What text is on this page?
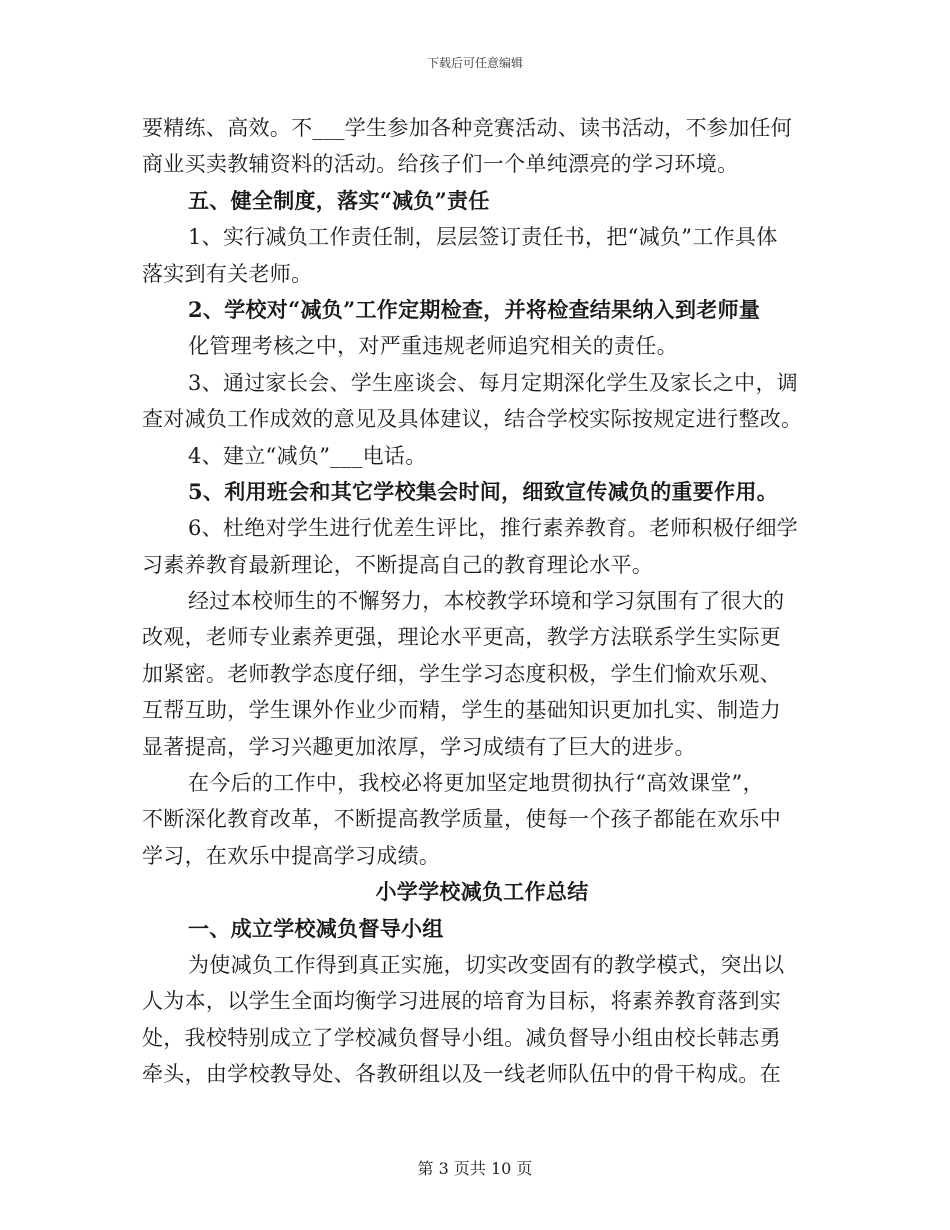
下载后可任意编辑
要精练、高效。不___学生参加各种竞赛活动、读书活动，不参加任何
商业买卖教辅资料的活动。给孩子们一个单纯漂亮的学习环境。
五、健全制度，落实“减负”责任
1、实行减负工作责任制，层层签订责任书，把“减负”工作具体
落实到有关老师。
2、学校对“减负”工作定期检查，并将检查结果纳入到老师量
化管理考核之中，对严重违规老师追究相关的责任。
3、通过家长会、学生座谈会、每月定期深化学生及家长之中，调
查对减负工作成效的意见及具体建议，结合学校实际按规定进行整改。
4、建立“减负”___电话。
5、利用班会和其它学校集会时间，细致宣传减负的重要作用。
6、杜绝对学生进行优差生评比，推行素养教育。老师积极仔细学
习素养教育最新理论，不断提高自己的教育理论水平。
经过本校师生的不懈努力，本校教学环境和学习氛围有了很大的
改观，老师专业素养更强，理论水平更高，教学方法联系学生实际更
加紧密。老师教学态度仔细，学生学习态度积极，学生们愉欢乐观、
互帮互助，学生课外作业少而精，学生的基础知识更加扎实、制造力
显著提高，学习兴趣更加浓厚，学习成绩有了巨大的进步。
在今后的工作中，我校必将更加坚定地贯彻执行“高效课堂”，
不断深化教育改革，不断提高教学质量，使每一个孩子都能在欢乐中
学习，在欢乐中提高学习成绩。
小学学校减负工作总结
一、成立学校减负督导小组
为使减负工作得到真正实施，切实改变固有的教学模式，突出以
人为本，以学生全面均衡学习进展的培育为目标，将素养教育落到实
处，我校特别成立了学校减负督导小组。减负督导小组由校长韩志勇
牵头，由学校教导处、各教研组以及一线老师队伍中的骨干构成。在
第 3 页共 10 页
